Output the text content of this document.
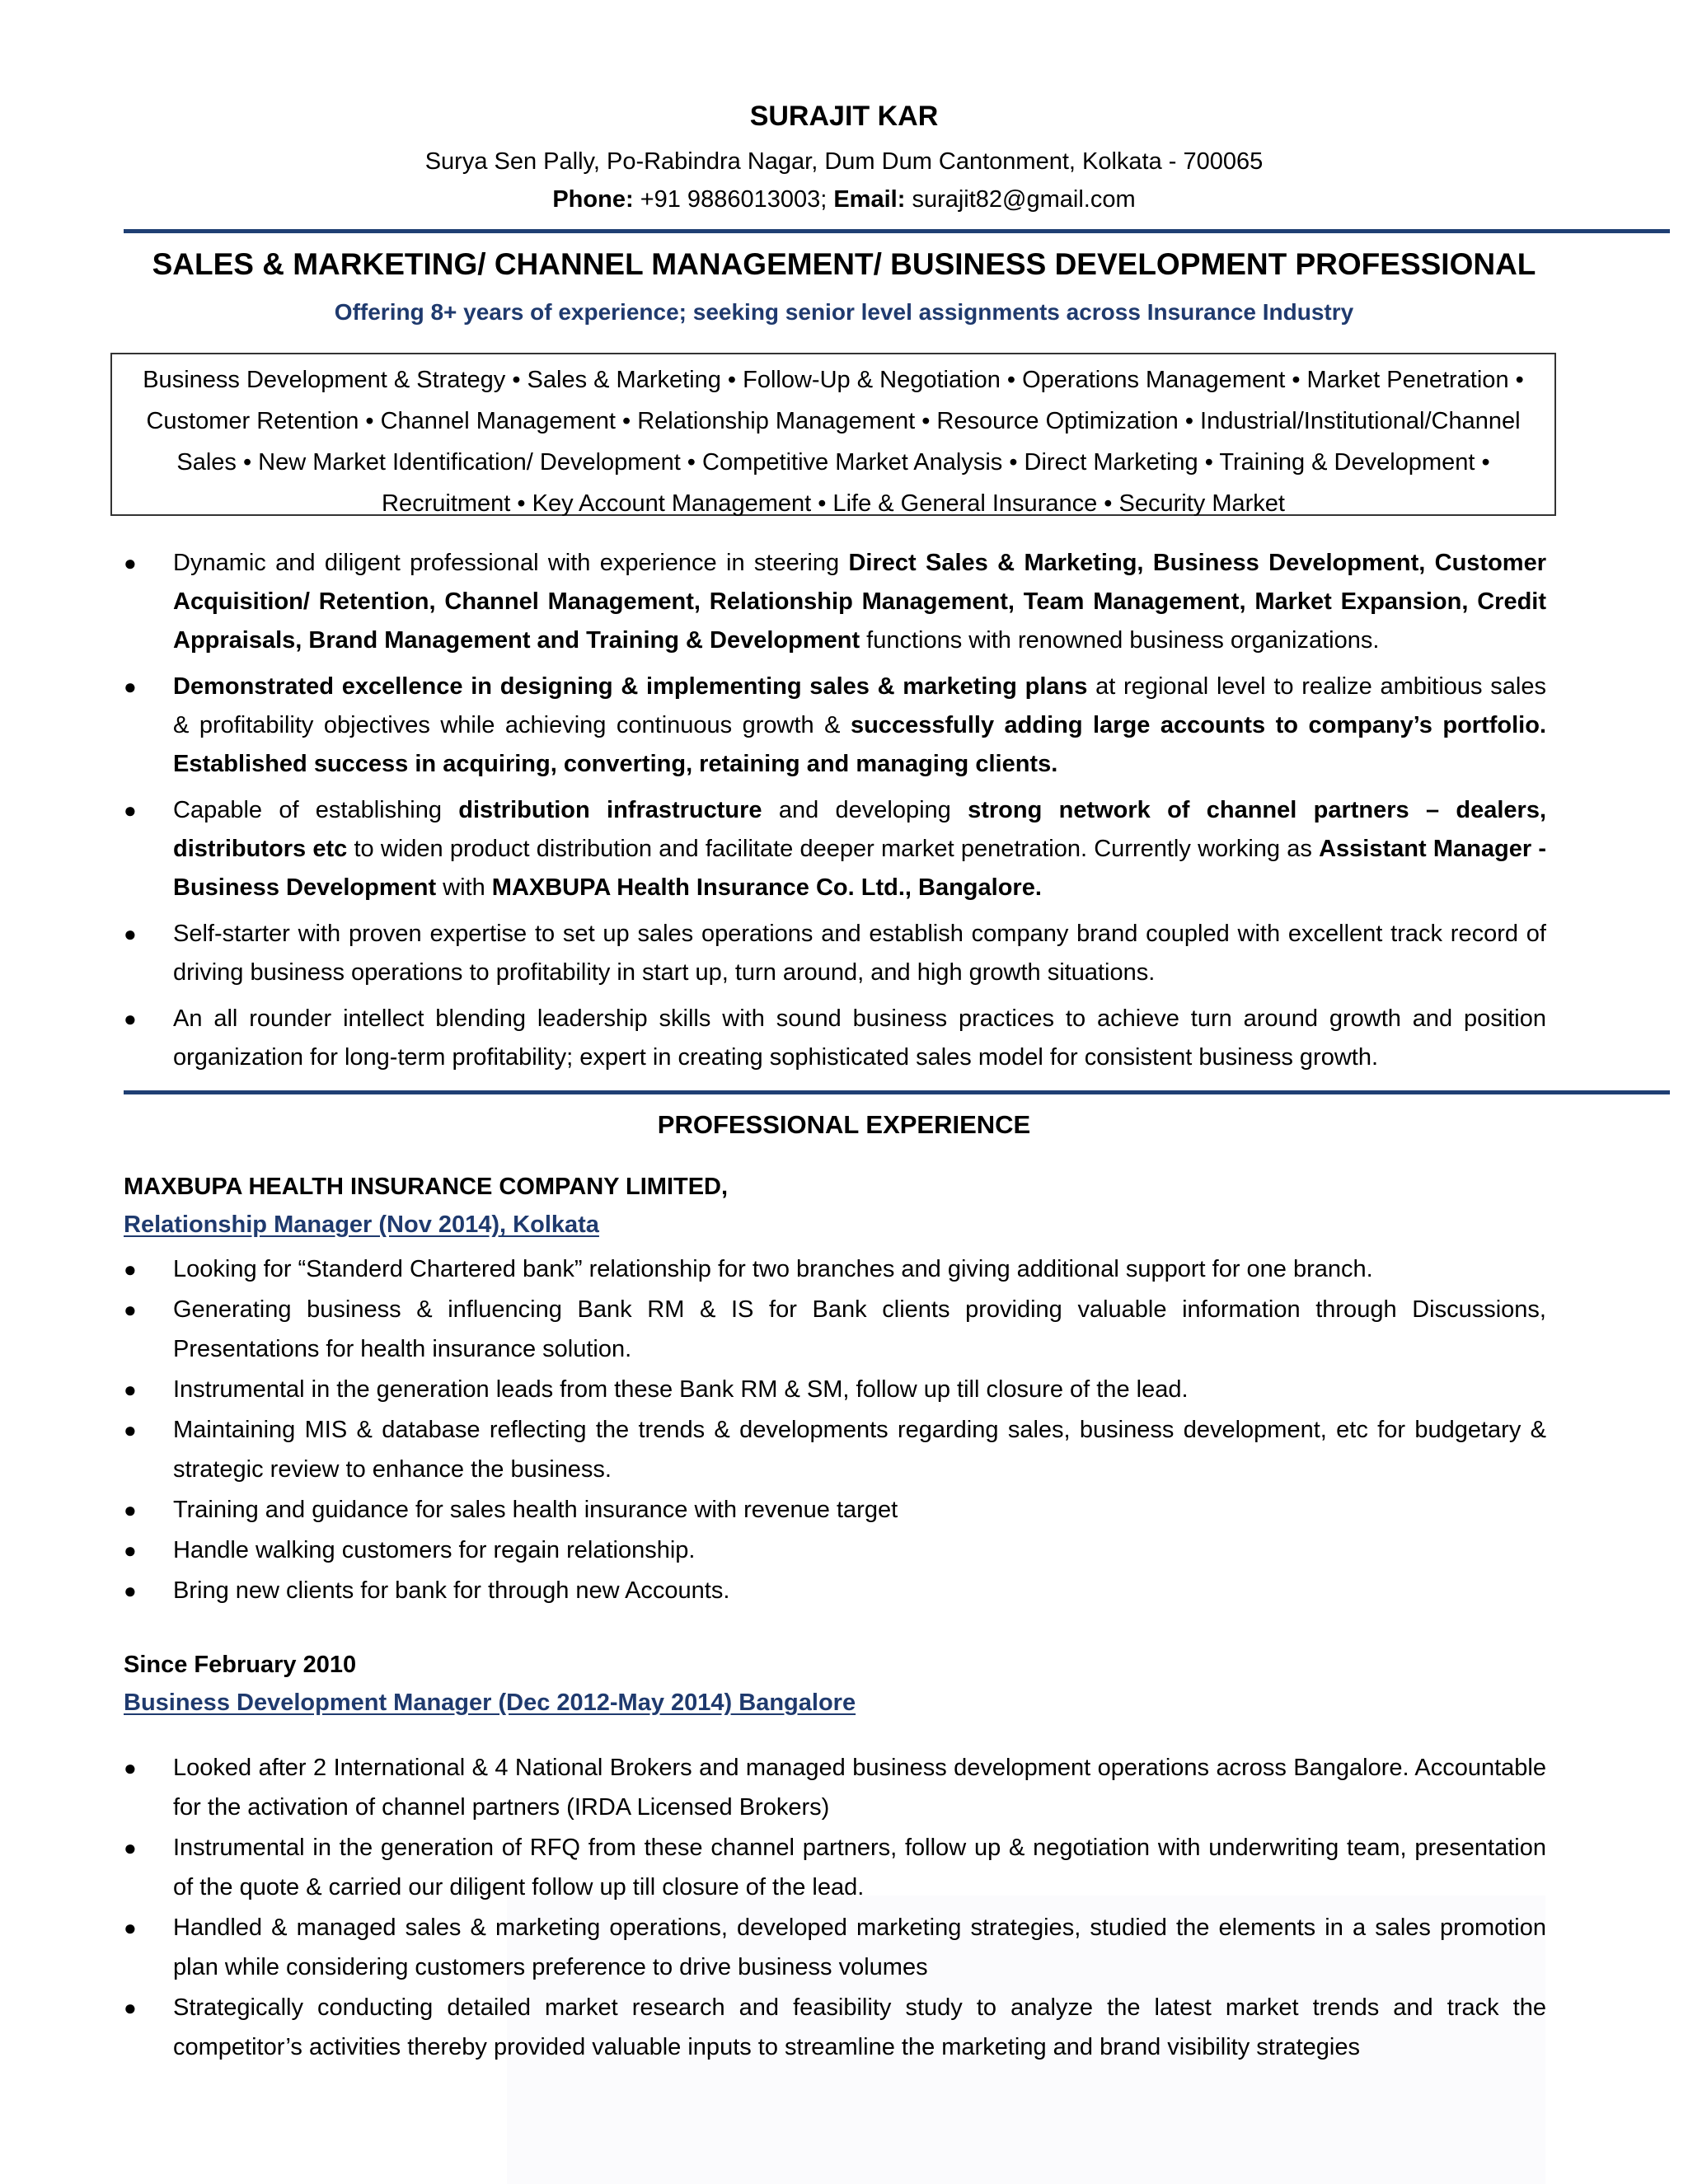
SURAJIT KAR
Surya Sen Pally, Po-Rabindra Nagar, Dum Dum Cantonment, Kolkata - 700065
Phone: +91 9886013003; Email: surajit82@gmail.com
SALES & MARKETING/ CHANNEL MANAGEMENT/ BUSINESS DEVELOPMENT PROFESSIONAL
Offering 8+ years of experience; seeking senior level assignments across Insurance Industry
Business Development & Strategy • Sales & Marketing • Follow-Up & Negotiation • Operations Management • Market Penetration • Customer Retention • Channel Management • Relationship Management • Resource Optimization • Industrial/Institutional/Channel Sales • New Market Identification/ Development • Competitive Market Analysis • Direct Marketing • Training & Development • Recruitment • Key Account Management • Life & General Insurance • Security Market
● Dynamic and diligent professional with experience in steering Direct Sales & Marketing, Business Development, Customer Acquisition/ Retention, Channel Management, Relationship Management, Team Management, Market Expansion, Credit Appraisals, Brand Management and Training & Development functions with renowned business organizations.
● Demonstrated excellence in designing & implementing sales & marketing plans at regional level to realize ambitious sales & profitability objectives while achieving continuous growth & successfully adding large accounts to company’s portfolio. Established success in acquiring, converting, retaining and managing clients.
● Capable of establishing distribution infrastructure and developing strong network of channel partners – dealers, distributors etc to widen product distribution and facilitate deeper market penetration. Currently working as Assistant Manager - Business Development with MAXBUPA Health Insurance Co. Ltd., Bangalore.
● Self-starter with proven expertise to set up sales operations and establish company brand coupled with excellent track record of driving business operations to profitability in start up, turn around, and high growth situations.
● An all rounder intellect blending leadership skills with sound business practices to achieve turn around growth and position organization for long-term profitability; expert in creating sophisticated sales model for consistent business growth.
PROFESSIONAL EXPERIENCE
MAXBUPA HEALTH INSURANCE COMPANY LIMITED,
Relationship Manager (Nov 2014), Kolkata
● Looking for “Standerd Chartered bank” relationship for two branches and giving additional support for one branch.
● Generating business & influencing Bank RM & IS for Bank clients providing valuable information through Discussions, Presentations for health insurance solution.
● Instrumental in the generation leads from these Bank RM & SM, follow up till closure of the lead.
● Maintaining MIS & database reflecting the trends & developments regarding sales, business development, etc for budgetary & strategic review to enhance the business.
● Training and guidance for sales health insurance with revenue target
● Handle walking customers for regain relationship.
● Bring new clients for bank for through new Accounts.
Since February 2010
Business Development Manager (Dec 2012-May 2014) Bangalore
● Looked after 2 International & 4 National Brokers and managed business development operations across Bangalore. Accountable for the activation of channel partners (IRDA Licensed Brokers)
● Instrumental in the generation of RFQ from these channel partners, follow up & negotiation with underwriting team, presentation of the quote & carried our diligent follow up till closure of the lead.
● Handled & managed sales & marketing operations, developed marketing strategies, studied the elements in a sales promotion plan while considering customers preference to drive business volumes
● Strategically conducting detailed market research and feasibility study to analyze the latest market trends and track the competitor’s activities thereby provided valuable inputs to streamline the marketing and brand visibility strategies
